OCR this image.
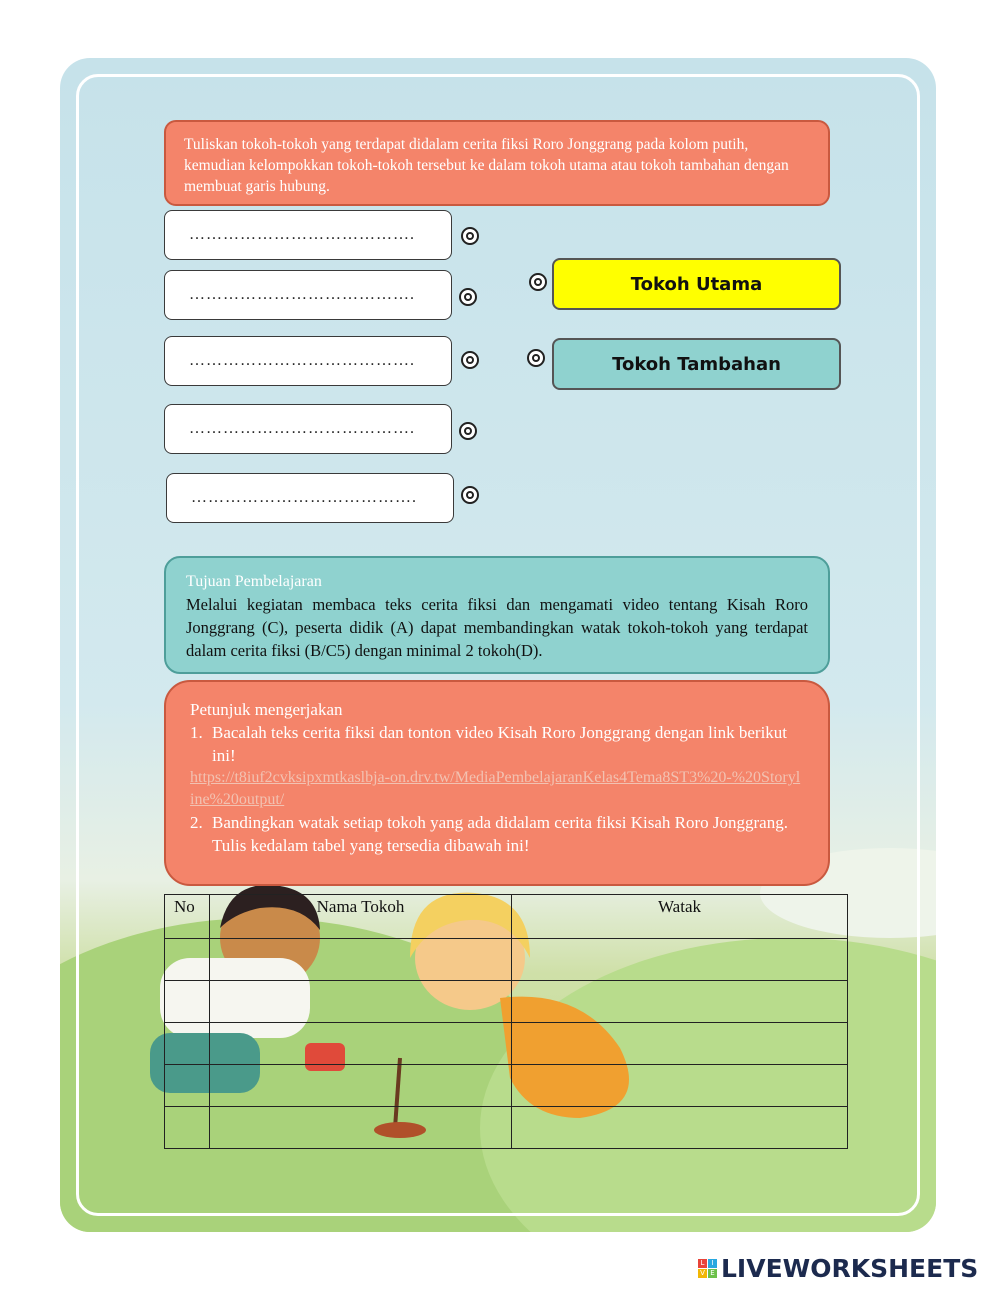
Tuliskan tokoh-tokoh yang terdapat didalam cerita fiksi Roro Jonggrang pada kolom putih, kemudian kelompokkan tokoh-tokoh tersebut ke dalam tokoh utama atau tokoh tambahan dengan membuat garis hubung.
………………………………….
………………………………….
………………………………….
………………………………….
………………………………….
Tokoh Utama
Tokoh Tambahan
Tujuan Pembelajaran
Melalui kegiatan membaca teks cerita fiksi dan mengamati video tentang Kisah Roro Jonggrang (C), peserta didik (A) dapat membandingkan watak tokoh-tokoh yang terdapat dalam cerita fiksi (B/C5) dengan minimal 2 tokoh(D).
Petunjuk mengerjakan
1. Bacalah teks cerita fiksi dan tonton video Kisah Roro Jonggrang dengan link berikut ini!
https://t8iuf2cvksipxmtkaslbja-on.drv.tw/MediaPembelajaranKelas4Tema8ST3%20-%20Storyline%20output/
2. Bandingkan watak setiap tokoh yang ada didalam cerita fiksi Kisah Roro Jonggrang. Tulis kedalam tabel yang tersedia dibawah ini!
No	Nama Tokoh	Watak

L	I
V E LIVEWORKSHEETS
